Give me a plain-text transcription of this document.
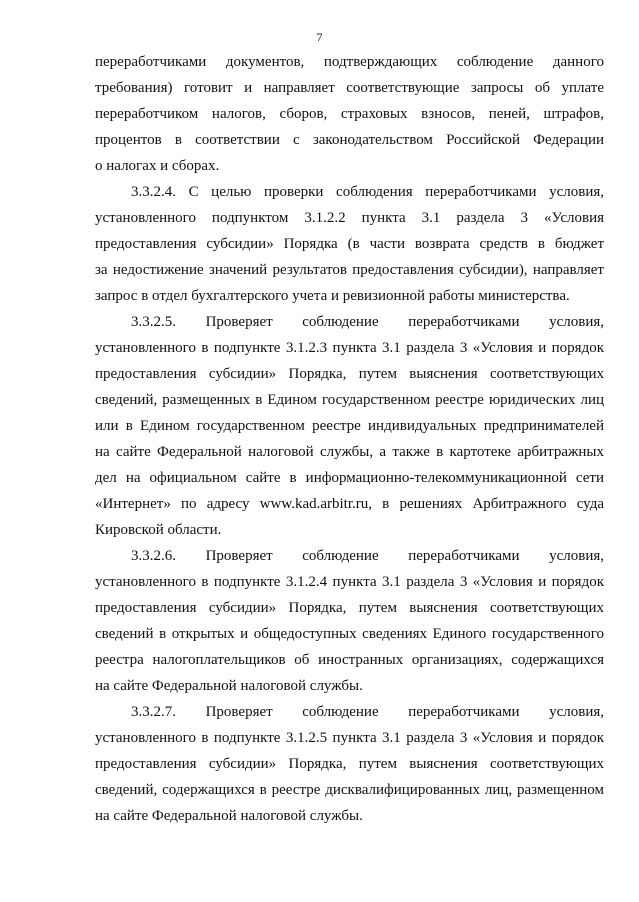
7
переработчиками документов, подтверждающих соблюдение данного
требования) готовит и направляет соответствующие запросы об уплате
переработчиком налогов, сборов, страховых взносов, пеней, штрафов,
процентов в соответствии с законодательством Российской Федерации
о налогах и сборах.
3.3.2.4. С целью проверки соблюдения переработчиками условия,
установленного подпунктом 3.1.2.2 пункта 3.1 раздела 3 «Условия
предоставления субсидии» Порядка (в части возврата средств в бюджет
за недостижение значений результатов предоставления субсидии), направляет
запрос в отдел бухгалтерского учета и ревизионной работы министерства.
3.3.2.5. Проверяет соблюдение переработчиками условия,
установленного в подпункте 3.1.2.3 пункта 3.1 раздела 3 «Условия и порядок
предоставления субсидии» Порядка, путем выяснения соответствующих
сведений, размещенных в Едином государственном реестре юридических лиц
или в Едином государственном реестре индивидуальных предпринимателей
на сайте Федеральной налоговой службы, а также в картотеке арбитражных
дел на официальном сайте в информационно-телекоммуникационной сети
«Интернет» по адресу www.kad.arbitr.ru, в решениях Арбитражного суда
Кировской области.
3.3.2.6. Проверяет соблюдение переработчиками условия,
установленного в подпункте 3.1.2.4 пункта 3.1 раздела 3 «Условия и порядок
предоставления субсидии» Порядка, путем выяснения соответствующих
сведений в открытых и общедоступных сведениях Единого государственного
реестра налогоплательщиков об иностранных организациях, содержащихся
на сайте Федеральной налоговой службы.
3.3.2.7. Проверяет соблюдение переработчиками условия,
установленного в подпункте 3.1.2.5 пункта 3.1 раздела 3 «Условия и порядок
предоставления субсидии» Порядка, путем выяснения соответствующих
сведений, содержащихся в реестре дисквалифицированных лиц, размещенном
на сайте Федеральной налоговой службы.
